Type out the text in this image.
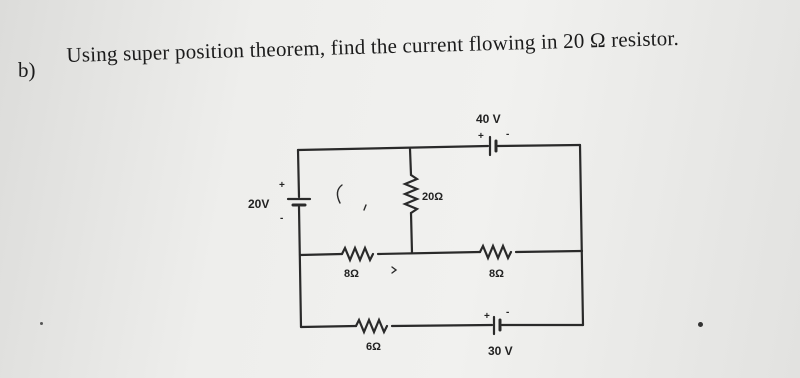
b)
Using super position theorem, find the current flowing in 20 Ω resistor.
40 V
+ -
20V
+
-
20Ω
8Ω	8Ω
6Ω	30 V
+ -
